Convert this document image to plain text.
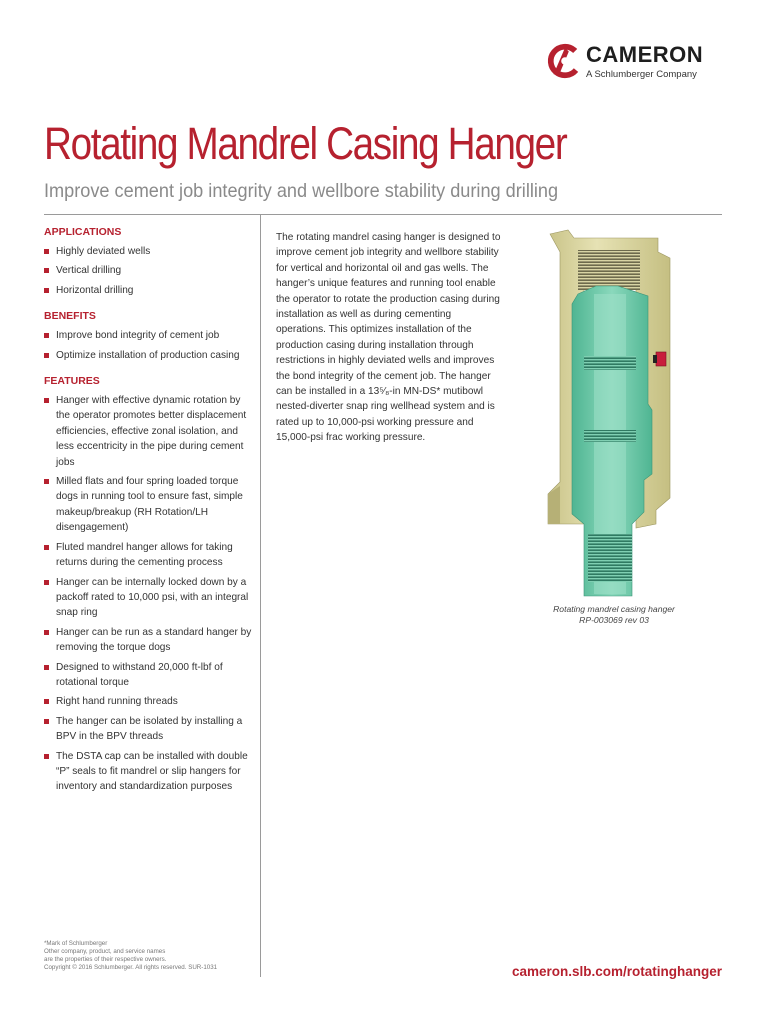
CAMERON
A Schlumberger Company
Rotating Mandrel Casing Hanger
Improve cement job integrity and wellbore stability during drilling
APPLICATIONS
Highly deviated wells
Vertical drilling
Horizontal drilling
BENEFITS
Improve bond integrity of cement job
Optimize installation of production casing
FEATURES
Hanger with effective dynamic rotation by the operator promotes better displacement efficiencies, effective zonal isolation, and less eccentricity in the pipe during cement jobs
Milled flats and four spring loaded torque dogs in running tool to ensure fast, simple makeup/breakup (RH Rotation/LH disengagement)
Fluted mandrel hanger allows for taking returns during the cementing process
Hanger can be internally locked down by a packoff rated to 10,000 psi, with an integral snap ring
Hanger can be run as a standard hanger by removing the torque dogs
Designed to withstand 20,000 ft-lbf of rotational torque
Right hand running threads
The hanger can be isolated by installing a BPV in the BPV threads
The DSTA cap can be installed with double “P” seals to fit mandrel or slip hangers for inventory and standardization purposes

The rotating mandrel casing hanger is designed to improve cement job integrity and wellbore stability for vertical and horizontal oil and gas wells. The hanger’s unique features and running tool enable the operator to rotate the production casing during installation as well as during cementing operations. This optimizes installation of the production casing during installation through restrictions in highly deviated wells and improves the bond integrity of the cement job. The hanger can be installed in a 13⁵⁄₈-in MN-DS* mutibowl nested-diverter snap ring wellhead system and is rated up to 10,000-psi working pressure and 15,000-psi frac working pressure.

Rotating mandrel casing hanger
RP-003069 rev 03
*Mark of Schlumberger
Other company, product, and service names
are the properties of their respective owners.
Copyright © 2016 Schlumberger. All rights reserved. SUR-1031	cameron.slb.com/rotatinghanger
